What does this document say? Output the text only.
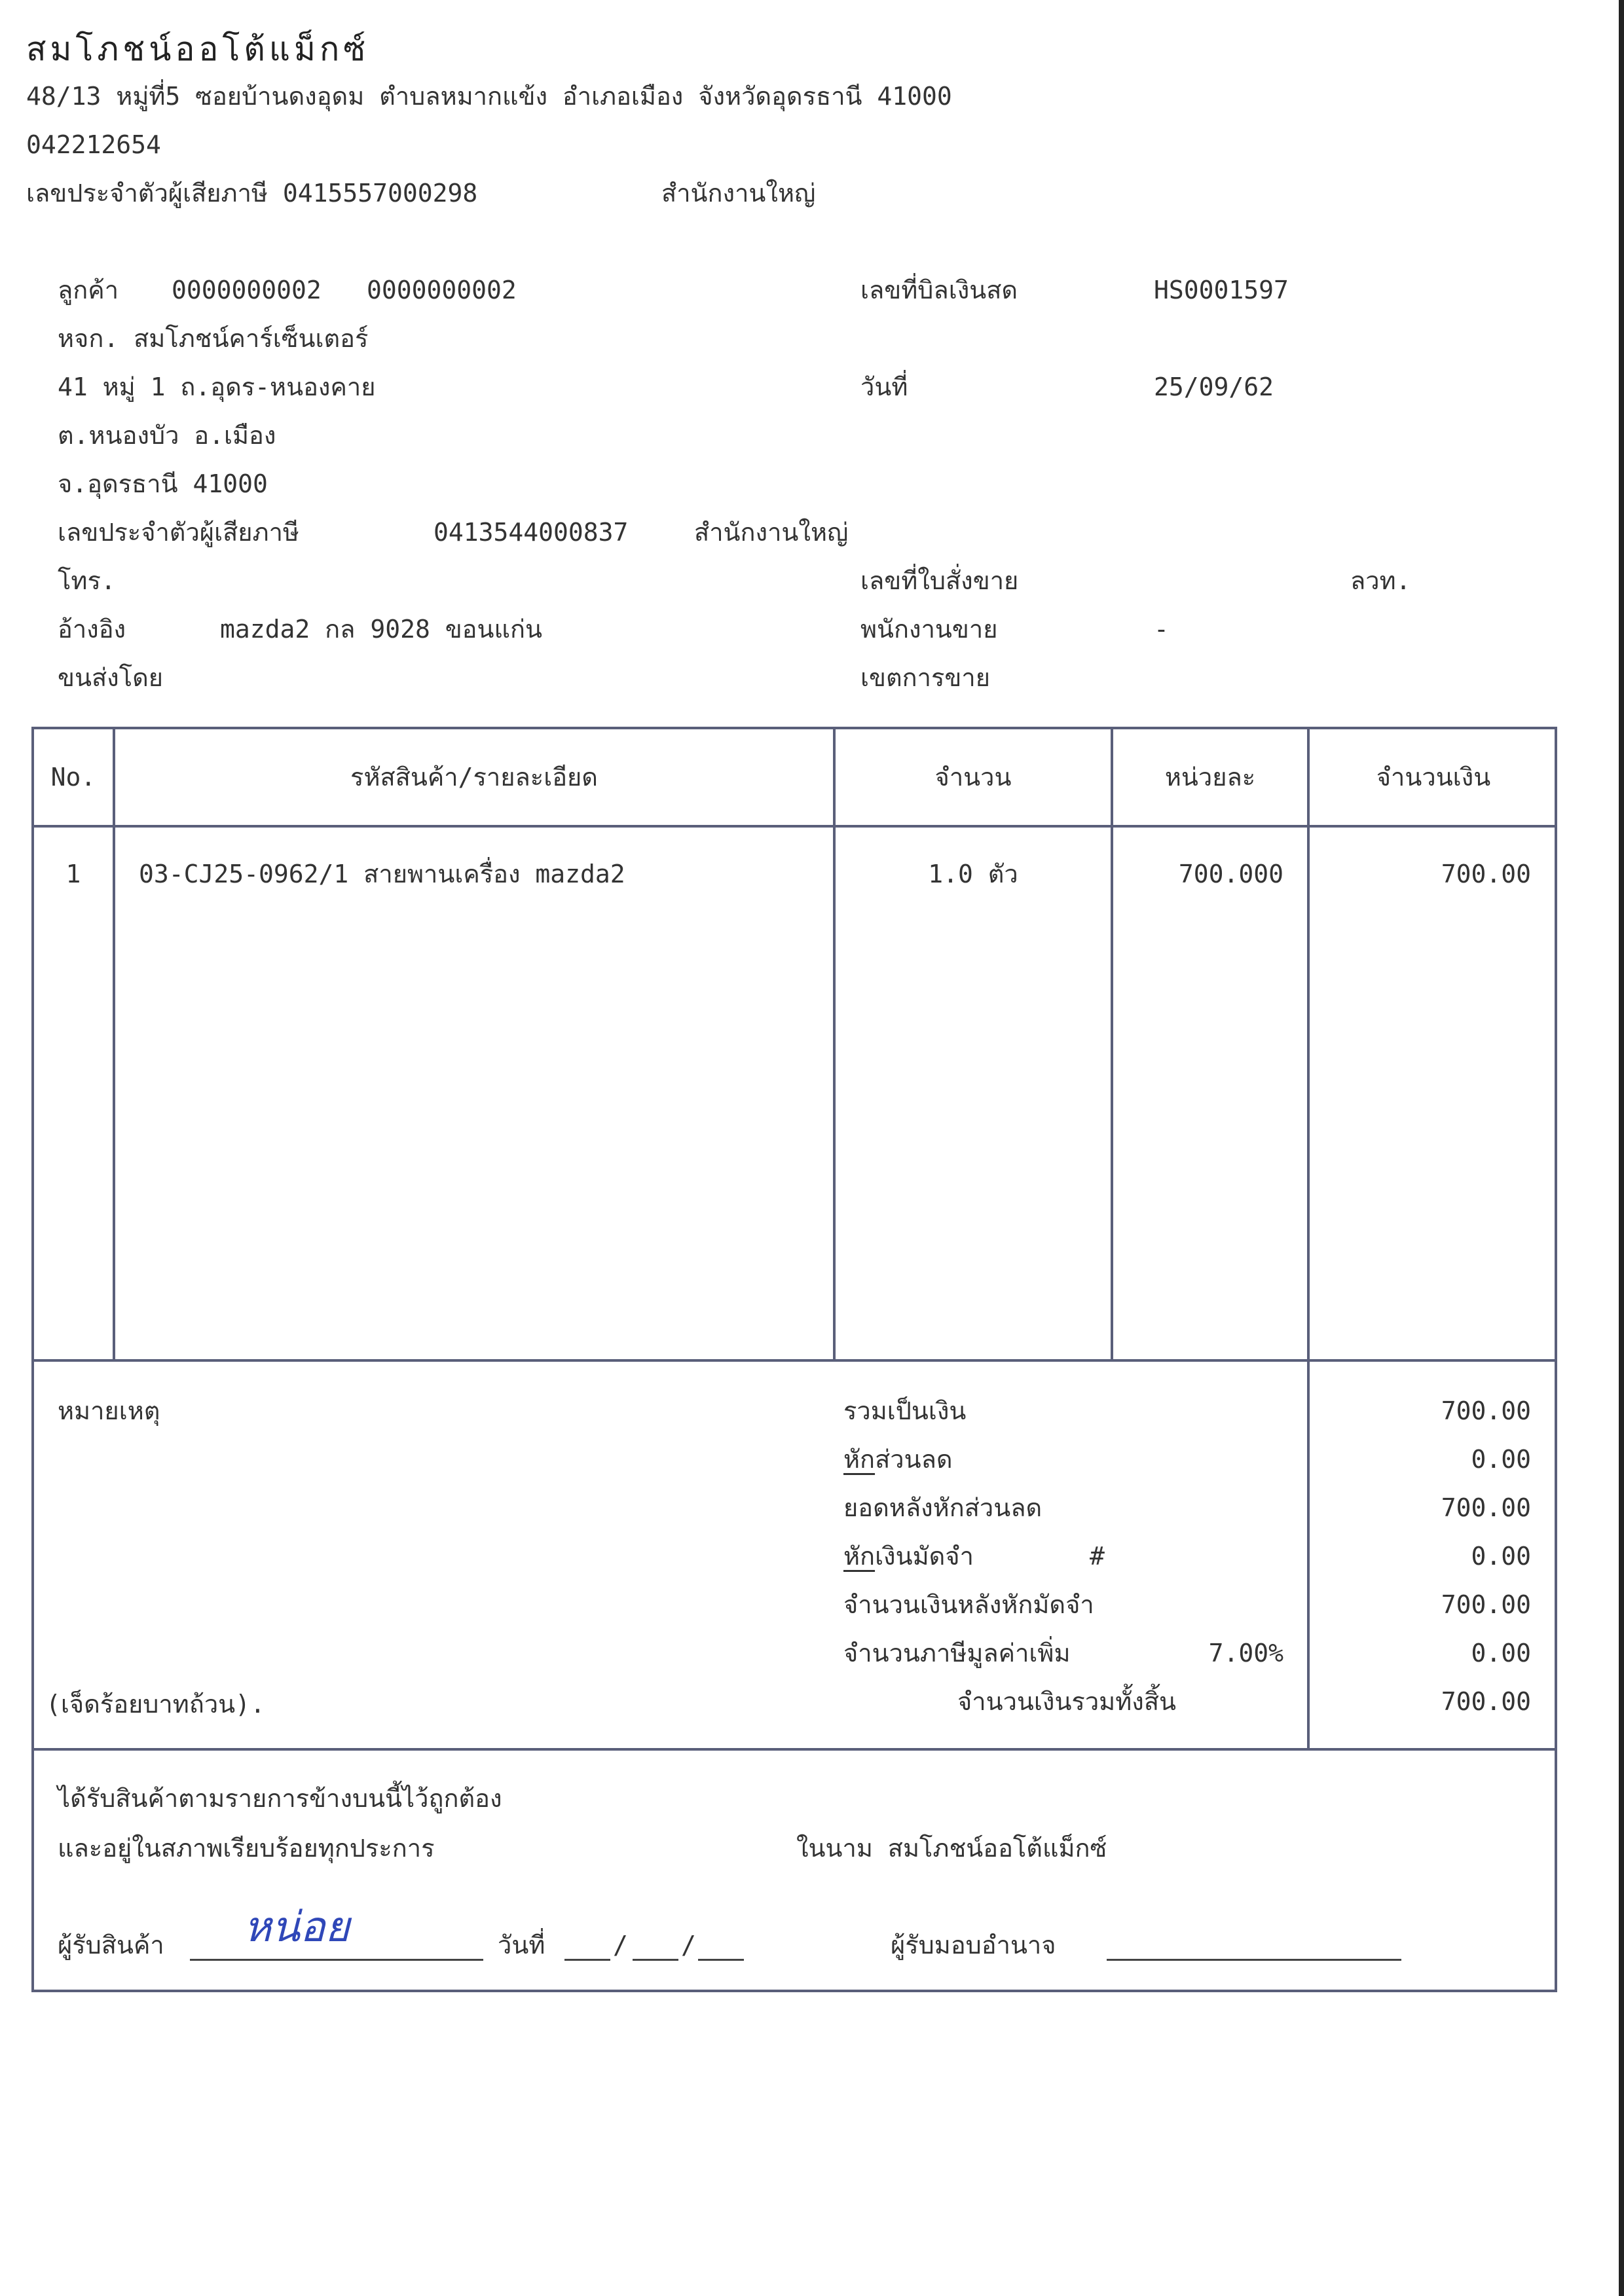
สมโภชน์ออโต้แม็กซ์
48/13 หมู่ที่5 ซอยบ้านดงอุดม ตำบลหมากแข้ง อำเภอเมือง จังหวัดอุดรธานี 41000
042212654
เลขประจำตัวผู้เสียภาษี 0415557000298	สำนักงานใหญ่
ลูกค้า 0000000002 0000000002
หจก. สมโภชน์คาร์เซ็นเตอร์
41 หมู่ 1 ถ.อุดร-หนองคาย
ต.หนองบัว อ.เมือง
จ.อุดรธานี 41000
เลขประจำตัวผู้เสียภาษี	0413544000837	สำนักงานใหญ่
โทร.
อ้างอิง	mazda2 กล 9028 ขอนแก่น
ขนส่งโดย
เลขที่บิลเงินสด	HS0001597
วันที่	25/09/62
เลขที่ใบสั่งขาย	ลวท.
พนักงานขาย	-
เขตการขาย
No.	รหัสสินค้า/รายละเอียด	จำนวน	หน่วยละ	จำนวนเงิน
1	03-CJ25-0962/1 สายพานเครื่อง mazda2	1.0 ตัว	700.000	700.00
หมายเหตุ
(เจ็ดร้อยบาทถ้วน).
รวมเป็นเงิน	700.00
หักส่วนลด	0.00
ยอดหลังหักส่วนลด	700.00
หักเงินมัดจำ	#	0.00
จำนวนเงินหลังหักมัดจำ	700.00
จำนวนภาษีมูลค่าเพิ่ม	7.00%	0.00
จำนวนเงินรวมทั้งสิ้น	700.00
ได้รับสินค้าตามรายการข้างบนนี้ไว้ถูกต้อง
และอยู่ในสภาพเรียบร้อยทุกประการ	ในนาม สมโภชน์ออโต้แม็กซ์
ผู้รับสินค้า หน่อย	วันที่	/ /	ผู้รับมอบอำนาจ
